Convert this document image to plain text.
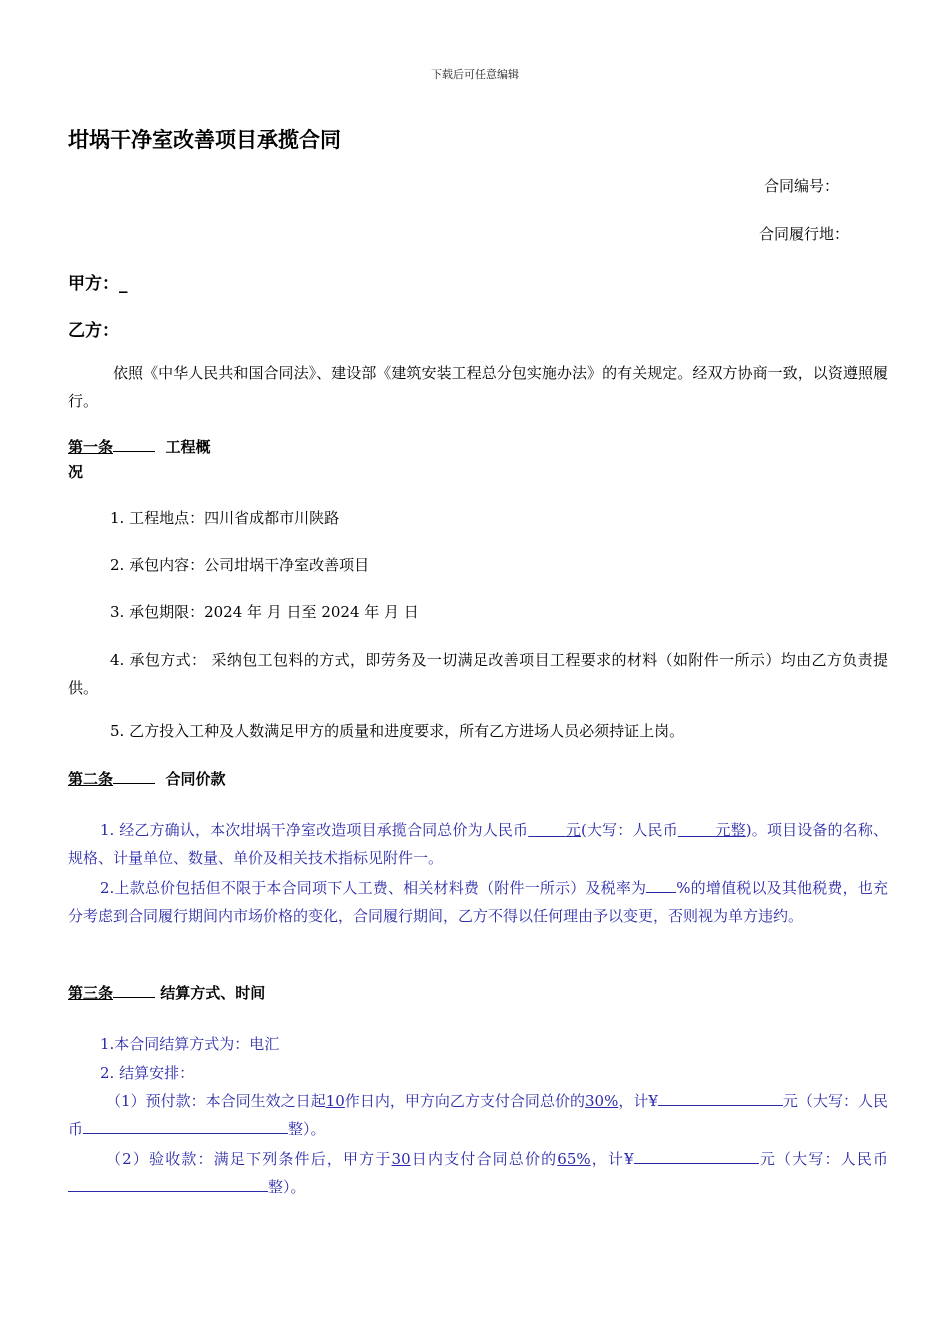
下载后可任意编辑
坩埚干净室改善项目承揽合同
合同编号：
合同履行地：
甲方：_
乙方：
依照《中华人民共和国合同法》、建设部《建筑安装工程总分包实施办法》的有关规定。经双方协商一致，以资遵照履行。
第一条	工程概
况
1. 工程地点：四川省成都市川陕路
2. 承包内容：公司坩埚干净室改善项目
3. 承包期限：2024 年 月 日至 2024 年 月 日
4. 承包方式： 采纳包工包料的方式，即劳务及一切满足改善项目工程要求的材料（如附件一所示）均由乙方负责提供。
5. 乙方投入工种及人数满足甲方的质量和进度要求，所有乙方进场人员必须持证上岗。
第二条	合同价款
1. 经乙方确认，本次坩埚干净室改造项目承揽合同总价为人民币   	元(大写：人民币   	元整)。项目设备的名称、规格、计量单位、数量、单价及相关技术指标见附件一。
2.上款总价包括但不限于本合同项下人工费、相关材料费（附件一所示）及税率为 %的增值税以及其他税费，也充分考虑到合同履行期间内市场价格的变化，合同履行期间，乙方不得以任何理由予以变更，否则视为单方违约。
第三条	结算方式、时间
1.本合同结算方式为：电汇
2. 结算安排：
（1）预付款：本合同生效之日起10作日内，甲方向乙方支付合同总价的30%，计¥	元（大写：人民币	整）。
（2）验收款：满足下列条件后，甲方于30日内支付合同总价的65%，计¥	元（大写：人民币整）。
